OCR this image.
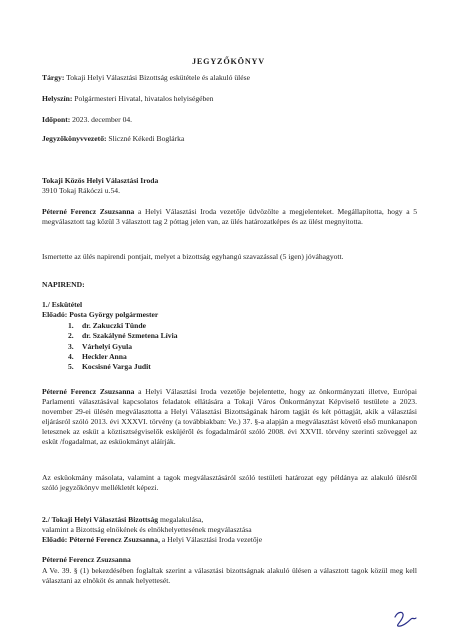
JEGYZŐKÖNYV
Tárgy: Tokaji Helyi Választási Bizottság eskütétele és alakuló ülése
Helyszín: Polgármesteri Hivatal, hivatalos helyiségében
Időpont: 2023. december 04.
Jegyzőkönyvvezető: Sliczné Kékedi Boglárka
Tokaji Közös Helyi Választási Iroda
3910 Tokaj Rákóczi u.54.
Péterné Ferencz Zsuzsanna a Helyi Választási Iroda vezetője üdvözölte a megjelenteket. Megállapította, hogy a 5 megválasztott tag közül 3 választott tag 2 póttag jelen van, az ülés határozatképes és az ülést megnyitotta.
Ismertette az ülés napirendi pontjait, melyet a bizottság egyhangú szavazással (5 igen) jóváhagyott.
NAPIREND:
1./ Eskütétel
Előadó: Posta György polgármester
1. dr. Zakuczki Tünde
2. dr. Szakályné Szmetena Lívia
3. Várhelyi Gyula
4. Heckler Anna
5. Kocsisné Varga Judit
Péterné Ferencz Zsuzsanna a Helyi Választási Iroda vezetője bejelentette, hogy az önkormányzati illetve, Európai Parlamenti választásával kapcsolatos feladatok ellátására a Tokaji Város Önkormányzat Képviselő testülete a 2023. november 29-ei ülésén megválasztotta a Helyi Választási Bizottságának három tagját és két póttagját, akik a választási eljárásról szóló 2013. évi XXXVI. törvény (a továbbiakban: Ve.) 37. §-a alapján a megválasztást követő első munkanapon letesznek az esküt a köztisztségviselők esküjéről és fogadalmáról szóló 2008. évi XXVII. törvény szerinti szöveggel az esküt /fogadalmat, az esküokmányt aláírják.
Az esküokmány másolata, valamint a tagok megválasztásáról szóló testületi határozat egy példánya az alakuló ülésről szóló jegyzőkönyv mellékletét képezi.
2./ Tokaji Helyi Választási Bizottság megalakulása,
valamint a Bizottság elnökének és elnökhelyettesének megválasztása
Előadó: Péterné Ferencz Zsuzsanna, a Helyi Választási Iroda vezetője
Péterné Ferencz Zsuzsanna
A Ve. 39. § (1) bekezdésében foglaltak szerint a választási bizottságnak alakuló ülésen a választott tagok közül meg kell választani az elnököt és annak helyettesét.
